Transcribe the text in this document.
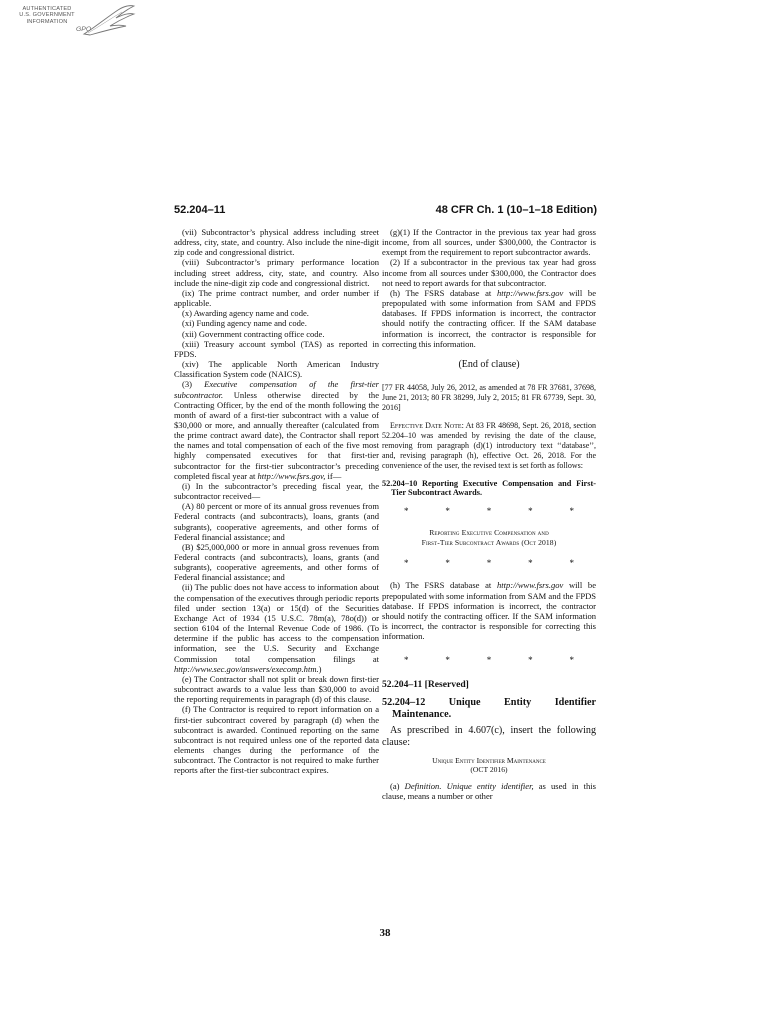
AUTHENTICATED
U.S. GOVERNMENT
INFORMATION
GPO
52.204–11	48 CFR Ch. 1 (10–1–18 Edition)

(vii) Subcontractor’s physical address including street address, city, state, and country. Also include the nine-digit zip code and congressional district.

(viii) Subcontractor’s primary performance location including street address, city, state, and country. Also include the nine-digit zip code and congressional district.

(ix) The prime contract number, and order number if applicable.

(x) Awarding agency name and code.

(xi) Funding agency name and code.

(xii) Government contracting office code.

(xiii) Treasury account symbol (TAS) as reported in FPDS.

(xiv) The applicable North American Industry Classification System code (NAICS).

(3) Executive compensation of the first-tier subcontractor. Unless otherwise directed by the Contracting Officer, by the end of the month following the month of award of a first-tier subcontract with a value of $30,000 or more, and annually thereafter (calculated from the prime contract award date), the Contractor shall report the names and total compensation of each of the five most highly compensated executives for that first-tier subcontractor for the first-tier subcontractor’s preceding completed fiscal year at http://www.fsrs.gov, if—

(i) In the subcontractor’s preceding fiscal year, the subcontractor received—

(A) 80 percent or more of its annual gross revenues from Federal contracts (and subcontracts), loans, grants (and subgrants), cooperative agreements, and other forms of Federal financial assistance; and

(B) $25,000,000 or more in annual gross revenues from Federal contracts (and subcontracts), loans, grants (and subgrants), cooperative agreements, and other forms of Federal financial assistance; and

(ii) The public does not have access to information about the compensation of the executives through periodic reports filed under section 13(a) or 15(d) of the Securities Exchange Act of 1934 (15 U.S.C. 78m(a), 78o(d)) or section 6104 of the Internal Revenue Code of 1986. (To determine if the public has access to the compensation information, see the U.S. Security and Exchange Commission total compensation filings at http://www.sec.gov/answers/execomp.htm.)

(e) The Contractor shall not split or break down first-tier subcontract awards to a value less than $30,000 to avoid the reporting requirements in paragraph (d) of this clause.

(f) The Contractor is required to report information on a first-tier subcontract covered by paragraph (d) when the subcontract is awarded. Continued reporting on the same subcontract is not required unless one of the reported data elements changes during the performance of the subcontract. The Contractor is not required to make further reports after the first-tier subcontract expires.

(g)(1) If the Contractor in the previous tax year had gross income, from all sources, under $300,000, the Contractor is exempt from the requirement to report subcontractor awards.

(2) If a subcontractor in the previous tax year had gross income from all sources under $300,000, the Contractor does not need to report awards for that subcontractor.

(h) The FSRS database at http://www.fsrs.gov will be prepopulated with some information from SAM and FPDS databases. If FPDS information is incorrect, the contractor should notify the contracting officer. If the SAM database information is incorrect, the contractor is responsible for correcting this information.

(End of clause)

[77 FR 44058, July 26, 2012, as amended at 78 FR 37681, 37698, June 21, 2013; 80 FR 38299, July 2, 2015; 81 FR 67739, Sept. 30, 2016]

Effective Date Note: At 83 FR 48698, Sept. 26, 2018, section 52.204–10 was amended by revising the date of the clause, removing from paragraph (d)(1) introductory text ‘‘database’’, and, revising paragraph (h), effective Oct. 26, 2018. For the convenience of the user, the revised text is set forth as follows:

52.204–10 Reporting Executive Compensation and First-Tier Subcontract Awards.

*	*	*	*	*

Reporting Executive Compensation and
First-Tier Subcontract Awards (Oct 2018)

*	*	*	*	*

(h) The FSRS database at http://www.fsrs.gov will be prepopulated with some information from SAM and the FPDS database. If FPDS information is incorrect, the contractor should notify the contracting officer. If the SAM information is incorrect, the contractor is responsible for correcting this information.

*	*	*	*	*

52.204–11 [Reserved]

52.204–12 Unique Entity Identifier
Maintenance.

As prescribed in 4.607(c), insert the following clause:

Unique Entity Identifier Maintenance
(OCT 2016)

(a) Definition. Unique entity identifier, as used in this clause, means a number or other

38
